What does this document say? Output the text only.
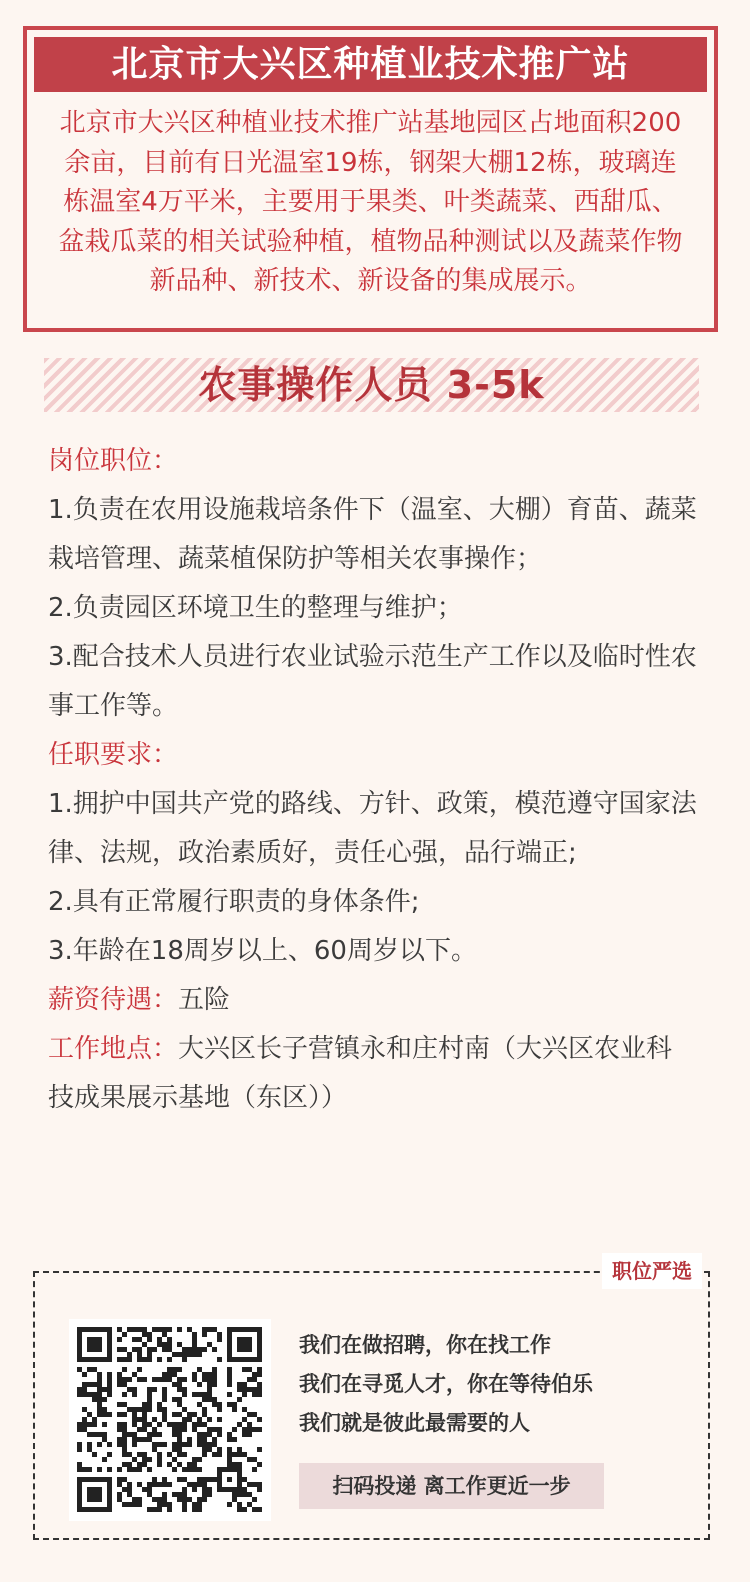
北京市大兴区种植业技术推广站
北京市大兴区种植业技术推广站基地园区占地面积200余亩，目前有日光温室19栋，钢架大棚12栋，玻璃连栋温室4万平米，主要用于果类、叶类蔬菜、西甜瓜、盆栽瓜菜的相关试验种植，植物品种测试以及蔬菜作物新品种、新技术、新设备的集成展示。
农事操作人员 3-5k
岗位职位：
1.负责在农用设施栽培条件下（温室、大棚）育苗、蔬菜栽培管理、蔬菜植保防护等相关农事操作；
2.负责园区环境卫生的整理与维护；
3.配合技术人员进行农业试验示范生产工作以及临时性农事工作等。
任职要求：
1.拥护中国共产党的路线、方针、政策，模范遵守国家法律、法规，政治素质好，责任心强，品行端正;
2.具有正常履行职责的身体条件;
3.年龄在18周岁以上、60周岁以下。
薪资待遇：五险
工作地点：大兴区长子营镇永和庄村南（大兴区农业科技成果展示基地（东区））
职位严选
我们在做招聘，你在找工作
我们在寻觅人才，你在等待伯乐
我们就是彼此最需要的人
扫码投递 离工作更近一步
